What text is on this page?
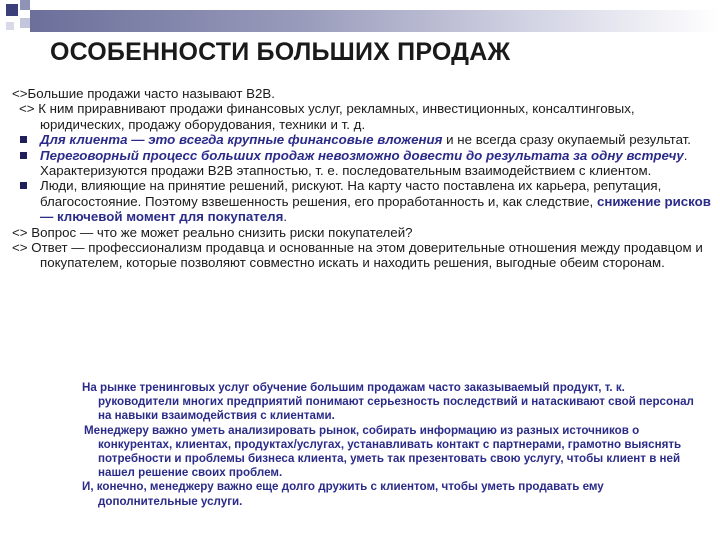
ОСОБЕННОСТИ БОЛЬШИХ ПРОДАЖ

<>Большие продажи часто называют B2B.

<> К ним приравнивают продажи финансовых услуг, рекламных, инвестиционных, консалтинговых, юридических, продажу оборудования, техники и т. д.

Для клиента — это всегда крупные финансовые вложения и не всегда сразу окупаемый результат.

Переговорный процесс больших продаж невозможно довести до результата за одну встречу. Характеризуются продажи B2B этапностью, т. е. последовательным взаимодействием с клиентом.

Люди, влияющие на принятие решений, рискуют. На карту часто поставлена их карьера, репутация, благосостояние. Поэтому взвешенность решения, его проработанность и, как следствие, снижение рисков — ключевой момент для покупателя.

<> Вопрос — что же может реально снизить риски покупателей?

<> Ответ — профессионализм продавца и основанные на этом доверительные отношения между продавцом и покупателем, которые позволяют совместно искать и находить решения, выгодные обеим сторонам.

На рынке тренинговых услуг обучение большим продажам часто заказываемый продукт, т. к. руководители многих предприятий понимают серьезность последствий и натаскивают свой персонал на навыки взаимодействия с клиентами.

Менеджеру важно уметь анализировать рынок, собирать информацию из разных источников о конкурентах, клиентах, продуктах/услугах, устанавливать контакт с партнерами, грамотно выяснять потребности и проблемы бизнеса клиента, уметь так презентовать свою услугу, чтобы клиент в ней нашел решение своих проблем.

И, конечно, менеджеру важно еще долго дружить с клиентом, чтобы уметь продавать ему дополнительные услуги.
